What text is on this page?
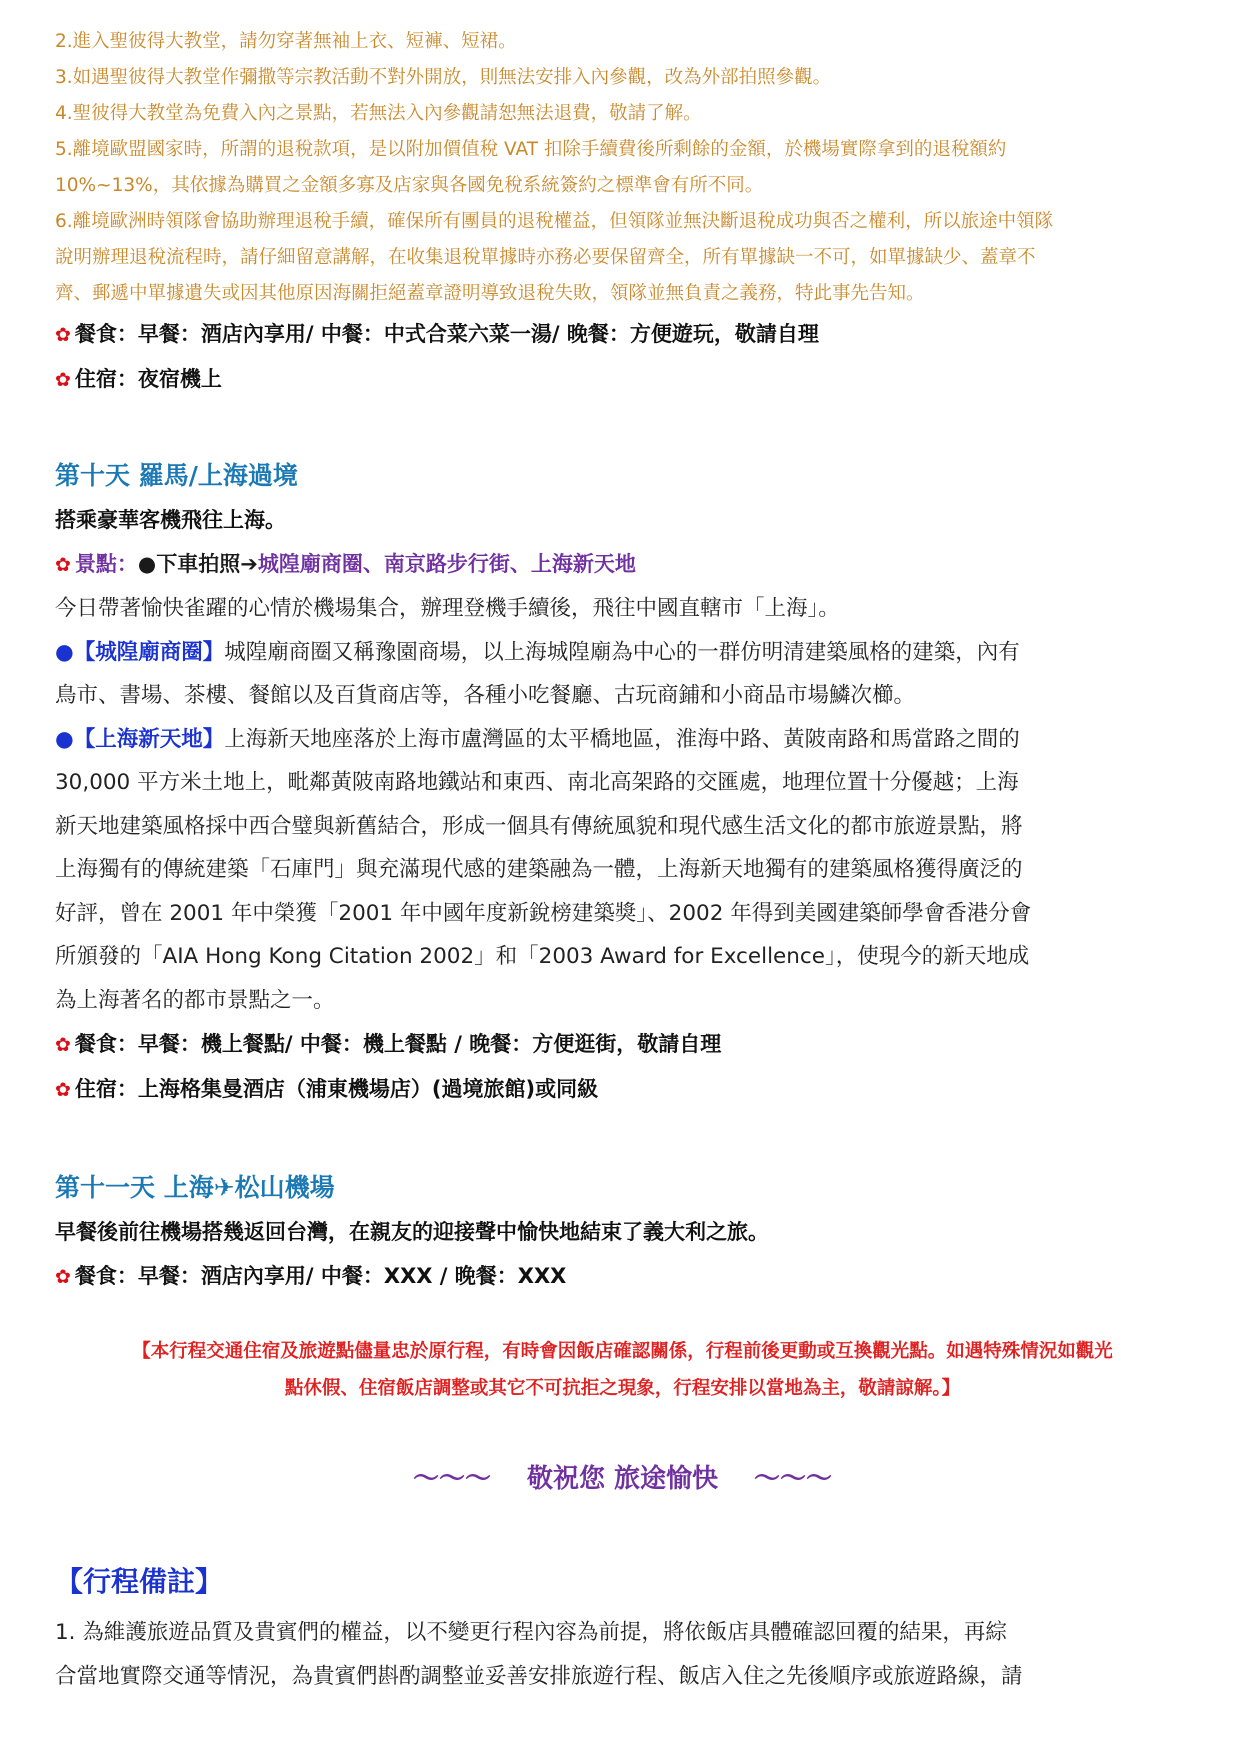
2.進入聖彼得大教堂，請勿穿著無袖上衣、短褲、短裙。

3.如遇聖彼得大教堂作彌撒等宗教活動不對外開放，則無法安排入內參觀，改為外部拍照參觀。

4.聖彼得大教堂為免費入內之景點，若無法入內參觀請恕無法退費，敬請了解。

5.離境歐盟國家時，所謂的退稅款項，是以附加價值稅 VAT 扣除手續費後所剩餘的金額，於機場實際拿到的退稅額約

10%~13%，其依據為購買之金額多寡及店家與各國免稅系統簽約之標準會有所不同。

6.離境歐洲時領隊會協助辦理退稅手續，確保所有團員的退稅權益，但領隊並無決斷退稅成功與否之權利，所以旅途中領隊

說明辦理退稅流程時，請仔細留意講解，在收集退稅單據時亦務必要保留齊全，所有單據缺一不可，如單據缺少、蓋章不

齊、郵遞中單據遺失或因其他原因海關拒絕蓋章證明導致退稅失敗，領隊並無負責之義務，特此事先告知。

✿ 餐食：早餐：酒店內享用/ 中餐：中式合菜六菜一湯/ 晚餐：方便遊玩，敬請自理

✿ 住宿：夜宿機上

第十天 羅馬/上海過境

搭乘豪華客機飛往上海。

✿ 景點：●下車拍照➔城隍廟商圈、南京路步行街、上海新天地

今日帶著愉快雀躍的心情於機場集合，辦理登機手續後，飛往中國直轄市「上海」。

●【城隍廟商圈】城隍廟商圈又稱豫園商場，以上海城隍廟為中心的一群仿明清建築風格的建築，內有

鳥市、書場、茶樓、餐館以及百貨商店等，各種小吃餐廳、古玩商鋪和小商品市場鱗次櫛。

●【上海新天地】上海新天地座落於上海市盧灣區的太平橋地區，淮海中路、黃陂南路和馬當路之間的

30,000 平方米土地上，毗鄰黃陂南路地鐵站和東西、南北高架路的交匯處，地理位置十分優越；上海

新天地建築風格採中西合璧與新舊結合，形成一個具有傳統風貌和現代感生活文化的都市旅遊景點，將

上海獨有的傳統建築「石庫門」與充滿現代感的建築融為一體，上海新天地獨有的建築風格獲得廣泛的

好評，曾在 2001 年中榮獲「2001 年中國年度新銳榜建築獎」、2002 年得到美國建築師學會香港分會

所頒發的「AIA Hong Kong Citation 2002」和「2003 Award for Excellence」，使現今的新天地成

為上海著名的都市景點之一。

✿ 餐食：早餐：機上餐點/ 中餐：機上餐點 / 晚餐：方便逛街，敬請自理

✿ 住宿：上海格集曼酒店（浦東機場店）(過境旅館)或同級

第十一天 上海✈松山機場

早餐後前往機場搭幾返回台灣，在親友的迎接聲中愉快地結束了義大利之旅。

✿ 餐食：早餐：酒店內享用/ 中餐：XXX / 晚餐：XXX

【本行程交通住宿及旅遊點儘量忠於原行程，有時會因飯店確認關係，行程前後更動或互換觀光點。如遇特殊情況如觀光
點休假、住宿飯店調整或其它不可抗拒之現象，行程安排以當地為主，敬請諒解。】
～～～ 敬祝您 旅途愉快 ～～～
【行程備註】

1. 為維護旅遊品質及貴賓們的權益，以不變更行程內容為前提，將依飯店具體確認回覆的結果，再綜

合當地實際交通等情況，為貴賓們斟酌調整並妥善安排旅遊行程、飯店入住之先後順序或旅遊路線，請
